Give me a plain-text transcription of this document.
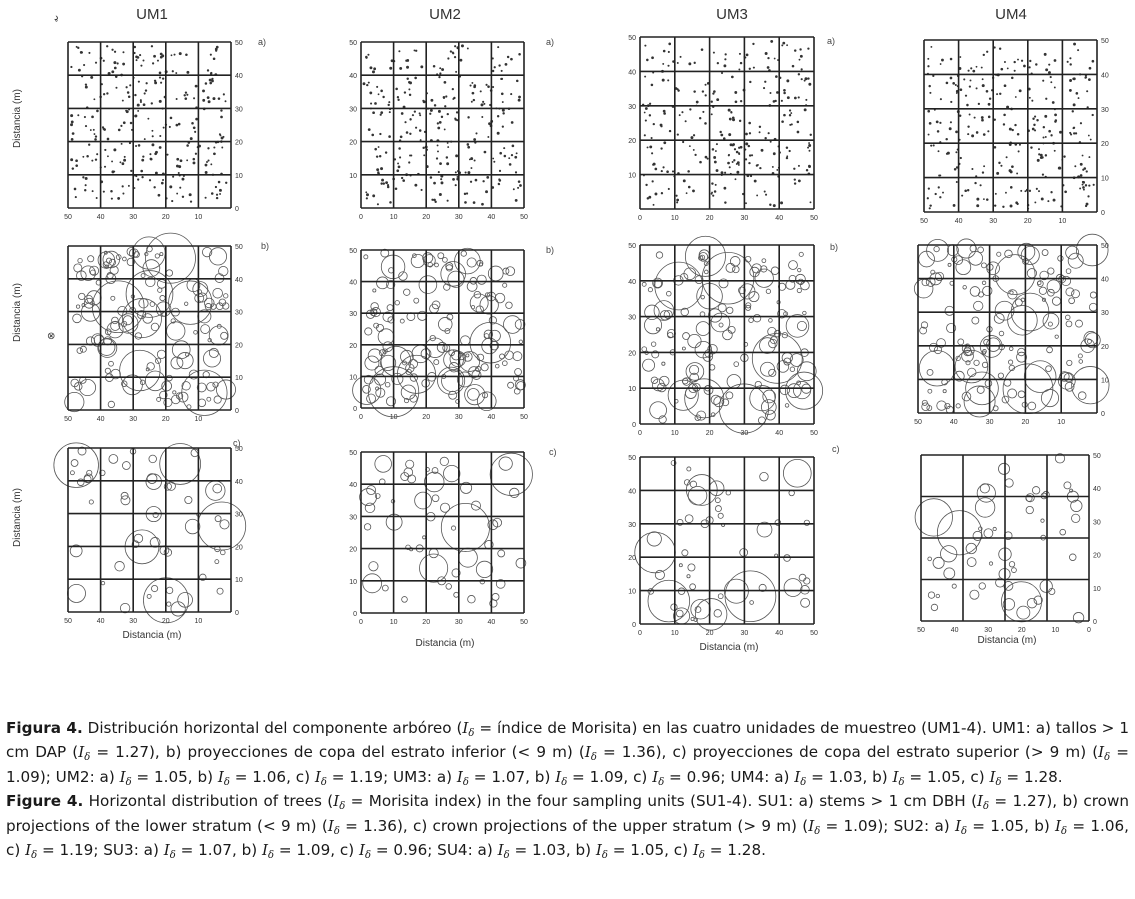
50	40	30	20	10
0
10
20
30
40
50 a)
50	40	30	20	10
0
10
20
30
40
50 b)
50	40	30	20	10
0
10
20
30
40
50
c)
0	10	20	30	40	50
10
20
30
40
50	a)
0	10	20	30	40	50
0
10
20
30
40
50	b)
0	10	20	30	40	50
0
10
20
30
40
50	c)
0	10	20	30	40	50
10
20
30
40
50	a)
0	10	20	30	40	50
0
10
20
30
40
50	b)
0	10	20	30	40	50
0
10
20
30
40
50
c)
50	40	30	20	10
0
10
20
30
40
50
50	40	30	20	10
0
10
20
30
40
50
50	40	30	20	10	0
0
10
20
30
40
50
UM1	UM2	UM3	UM4
ډ
⊗
Distancia (m)
Distancia (m)
Distancia (m)
Distancia (m)
Distancia (m)	Distancia (m)
Distancia (m)

Figura 4. Distribución horizontal del componente arbóreo ($I_\delta$ = índice de Morisita) en las cuatro unidades de muestreo (UM1-4). UM1: a) tallos > 1 cm DAP $(I_\delta = 1.27)$, b) proyecciones de copa del estrato inferior (< 9 m) $(I_\delta = 1.36)$, c) proyecciones de copa del estrato superior (> 9 m) $(I_\delta = 1.09)$; UM2: a) $I_\delta = 1.05$, b) $I_\delta = 1.06$, c) $I_\delta = 1.19$; UM3: a) $I_\delta = 1.07$, b) $I_\delta = 1.09$, c) $I_\delta = 0.96$; UM4: a) $I_\delta = 1.03$, b) $I_\delta = 1.05$, c) $I_\delta = 1.28$.

Figure 4. Horizontal distribution of trees ($I_\delta$ = Morisita index) in the four sampling units (SU1-4). SU1: a) stems > 1 cm DBH $(I_\delta = 1.27)$, b) crown projections of the lower stratum (< 9 m) $(I_\delta = 1.36)$, c) crown projections of the upper stratum (> 9 m) $(I_\delta = 1.09)$; SU2: a) $I_\delta = 1.05$, b) $I_\delta = 1.06$, c) $I_\delta = 1.19$; SU3: a) $I_\delta = 1.07$, b) $I_\delta = 1.09$, c) $I_\delta = 0.96$; SU4: a) $I_\delta = 1.03$, b) $I_\delta = 1.05$, c) $I_\delta = 1.28$.
